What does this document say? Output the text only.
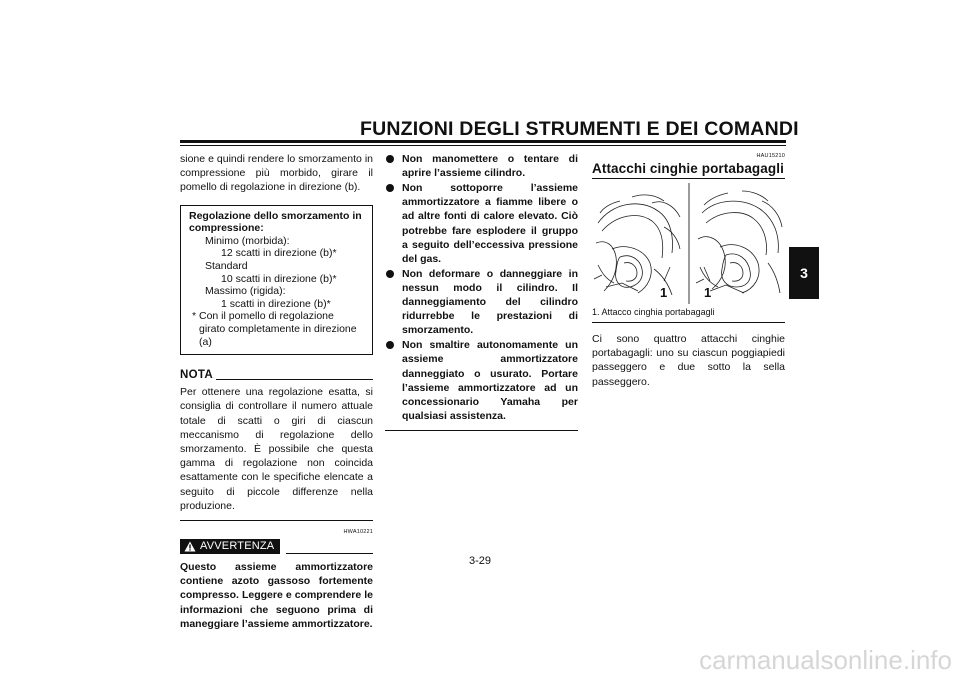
FUNZIONI DEGLI STRUMENTI E DEI COMANDI
3

sione e quindi rendere lo smorzamento in compressione più morbido, girare il pomello di regolazione in direzione (b).

Regolazione dello smorzamento in compressione:
Minimo (morbida):
12 scatti in direzione (b)*
Standard
10 scatti in direzione (b)*
Massimo (rigida):
1 scatti in direzione (b)*
* Con il pomello di regolazione girato completamente in direzione (a)
NOTA

Per ottenere una regolazione esatta, si consiglia di controllare il numero attuale totale di scatti o giri di ciascun meccanismo di regolazione dello smorzamento. È possibile che questa gamma di regolazione non coincida esattamente con le specifiche elencate a seguito di piccole differenze nella produzione.

HWA10221
AVVERTENZA

Questo assieme ammortizzatore contiene azoto gassoso fortemente compresso. Leggere e comprendere le informazioni che seguono prima di maneggiare l’assieme ammortizzatore.

Non manomettere o tentare di aprire l’assieme cilindro.
Non sottoporre l’assieme ammortizzatore a fiamme libere o ad altre fonti di calore elevato. Ciò potrebbe fare esplodere il gruppo a seguito dell’eccessiva pressione del gas.
Non deformare o danneggiare in nessun modo il cilindro. Il danneggiamento del cilindro ridurrebbe le prestazioni di smorzamento.
Non smaltire autonomamente un assieme ammortizzatore danneggiato o usurato. Portare l’assieme ammortizzatore ad un concessionario Yamaha per qualsiasi assistenza.
HAU15210
Attacchi cinghie portabagagli
1	1
1. Attacco cinghia portabagagli

Ci sono quattro attacchi cinghie portabagagli: uno su ciascun poggiapiedi passeggero e due sotto la sella passeggero.

3-29
carmanualsonline.info
